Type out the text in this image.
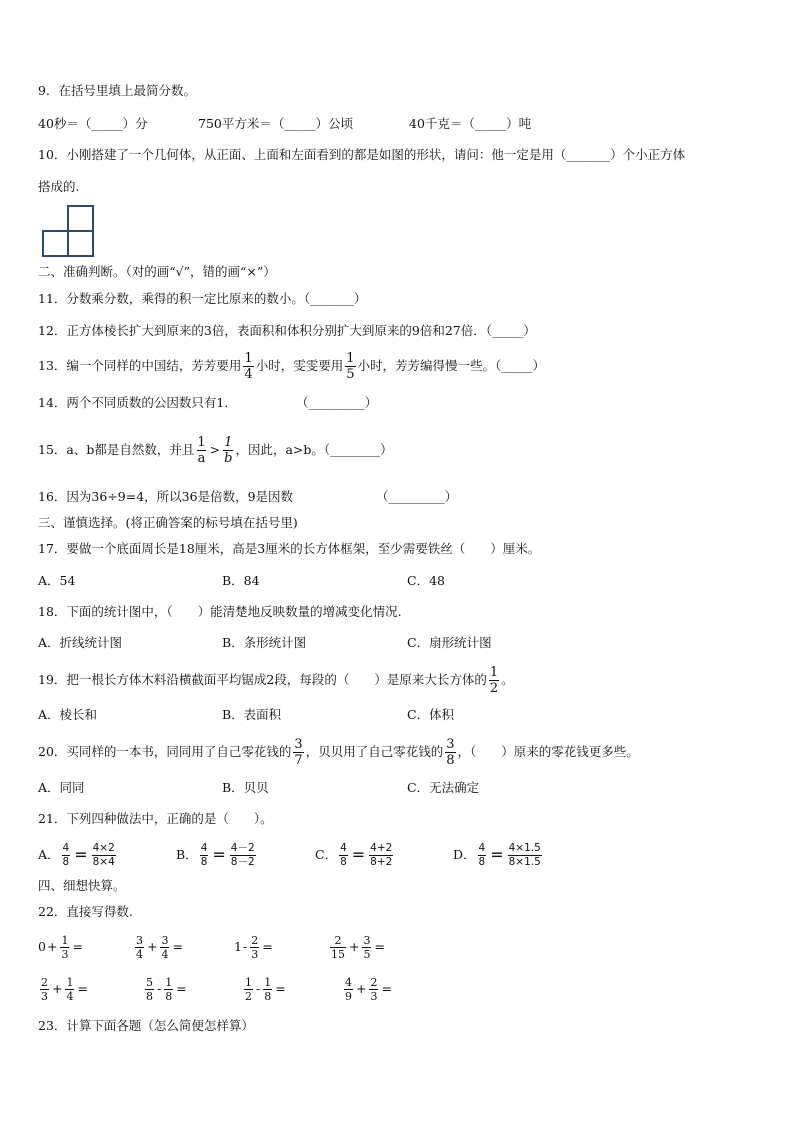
9．在括号里填上最简分数。
40秒＝（_____）分	750平方米＝（_____）公顷	40千克＝（_____）吨
10．小刚搭建了一个几何体，从正面、上面和左面看到的都是如图的形状，请问：他一定是用（_______）个小正方体
搭成的.
二、准确判断。（对的画“√”，错的画“×”）
11．分数乘分数，乘得的积一定比原来的数小。（_______）
12．正方体棱长扩大到原来的3倍，表面积和体积分别扩大到原来的9倍和27倍．（_____）
13．编一个同样的中国结，芳芳要用 $\frac{1}{4}$ 小时，雯雯要用 $\frac{1}{5}$ 小时，芳芳编得慢一些。（_____）
14．两个不同质数的公因数只有1．	（_________）
15．a、b都是自然数，并且 $\frac{1}{a} > \frac{1}{b}$ ，因此，a>b。（________）
16．因为36÷9=4，所以36是倍数，9是因数	（_________）
三、谨慎选择。(将正确答案的标号填在括号里)
17．要做一个底面周长是18厘米，高是3厘米的长方体框架，至少需要铁丝（　　）厘米。
A．54	B．84	C．48
18．下面的统计图中，（　　）能清楚地反映数量的增减变化情况.
A．折线统计图	B．条形统计图	C．扇形统计图
19．把一根长方体木料沿横截面平均锯成2段，每段的（　　）是原来大长方体的 $\frac{1}{2}$ 。
A．棱长和	B．表面积	C．体积
20．买同样的一本书，同同用了自己零花钱的 $\frac{3}{7}$ ，贝贝用了自己零花钱的 $\frac{3}{8}$ ，（　　）原来的零花钱更多些。
A．同同	B．贝贝	C．无法确定
21．下列四种做法中，正确的是（　　）。
A． $\frac{4}{8} = \frac{4\times 2}{8\times 4}$	B． $\frac{4}{8} = \frac{4-2}{8-2}$	C． $\frac{4}{8} = \frac{4+2}{8+2}$	D． $\frac{4}{8} = \frac{4\times 1.5}{8\times 1.5}$
四、细想快算。
22．直接写得数.
$0 + \frac{1}{3}$ =	$\frac{3}{4} + \frac{3}{4}$ =	$1 - \frac{2}{3}$ =	$\frac{2}{15} + \frac{3}{5}$ =
$\frac{2}{3} + \frac{1}{4}$ =	$\frac{5}{8} - \frac{1}{8}$ =	$\frac{1}{2} - \frac{1}{8}$ =	$\frac{4}{9} + \frac{2}{3}$ =
23．计算下面各题（怎么简便怎样算）
